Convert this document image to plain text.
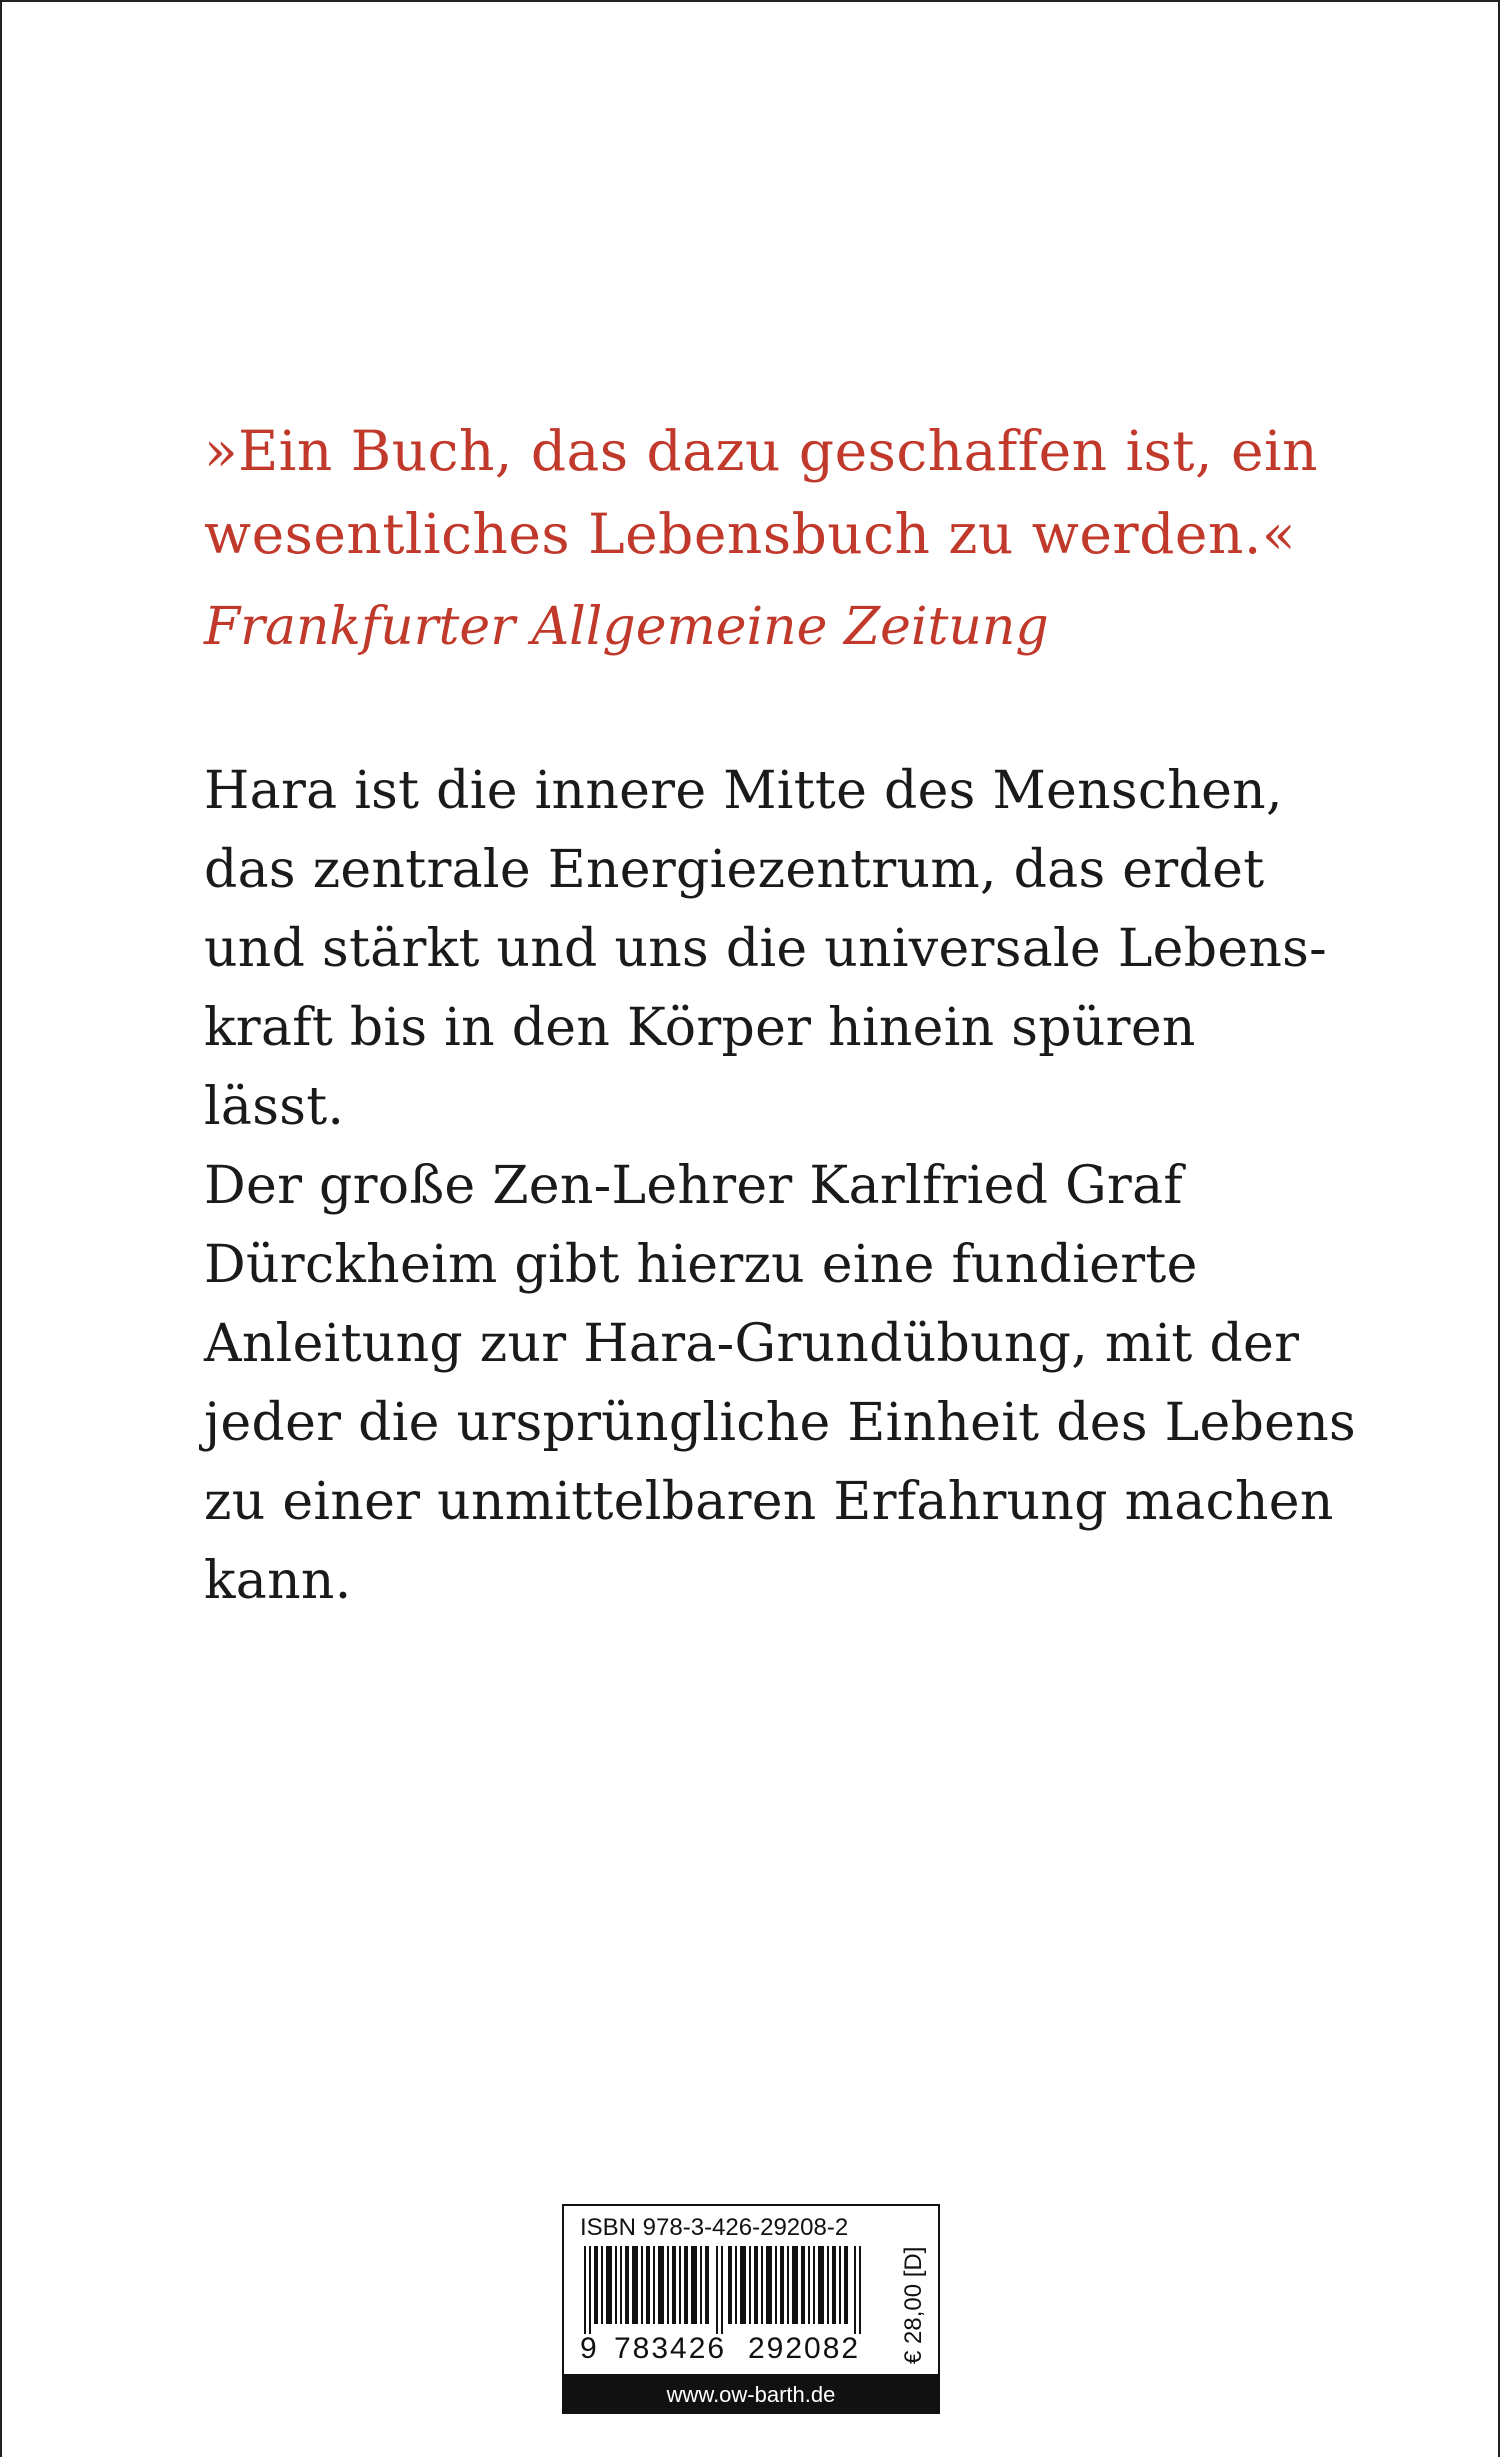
»Ein Buch, das dazu geschaffen ist, ein
wesentliches Lebensbuch zu werden.«
Frankfurter Allgemeine Zeitung
Hara ist die innere Mitte des Menschen,
das zentrale Energiezentrum, das erdet
und stärkt und uns die universale Lebens-
kraft bis in den Körper hinein spüren
lässt.
Der große Zen-Lehrer Karlfried Graf
Dürckheim gibt hierzu eine fundierte
Anleitung zur Hara-Grundübung, mit der
jeder die ursprüngliche Einheit des Lebens
zu einer unmittelbaren Erfahrung machen
kann.
ISBN 978-3-426-29208-2
9 783426 292082	€ 28,00 [D]
www.ow-barth.de
